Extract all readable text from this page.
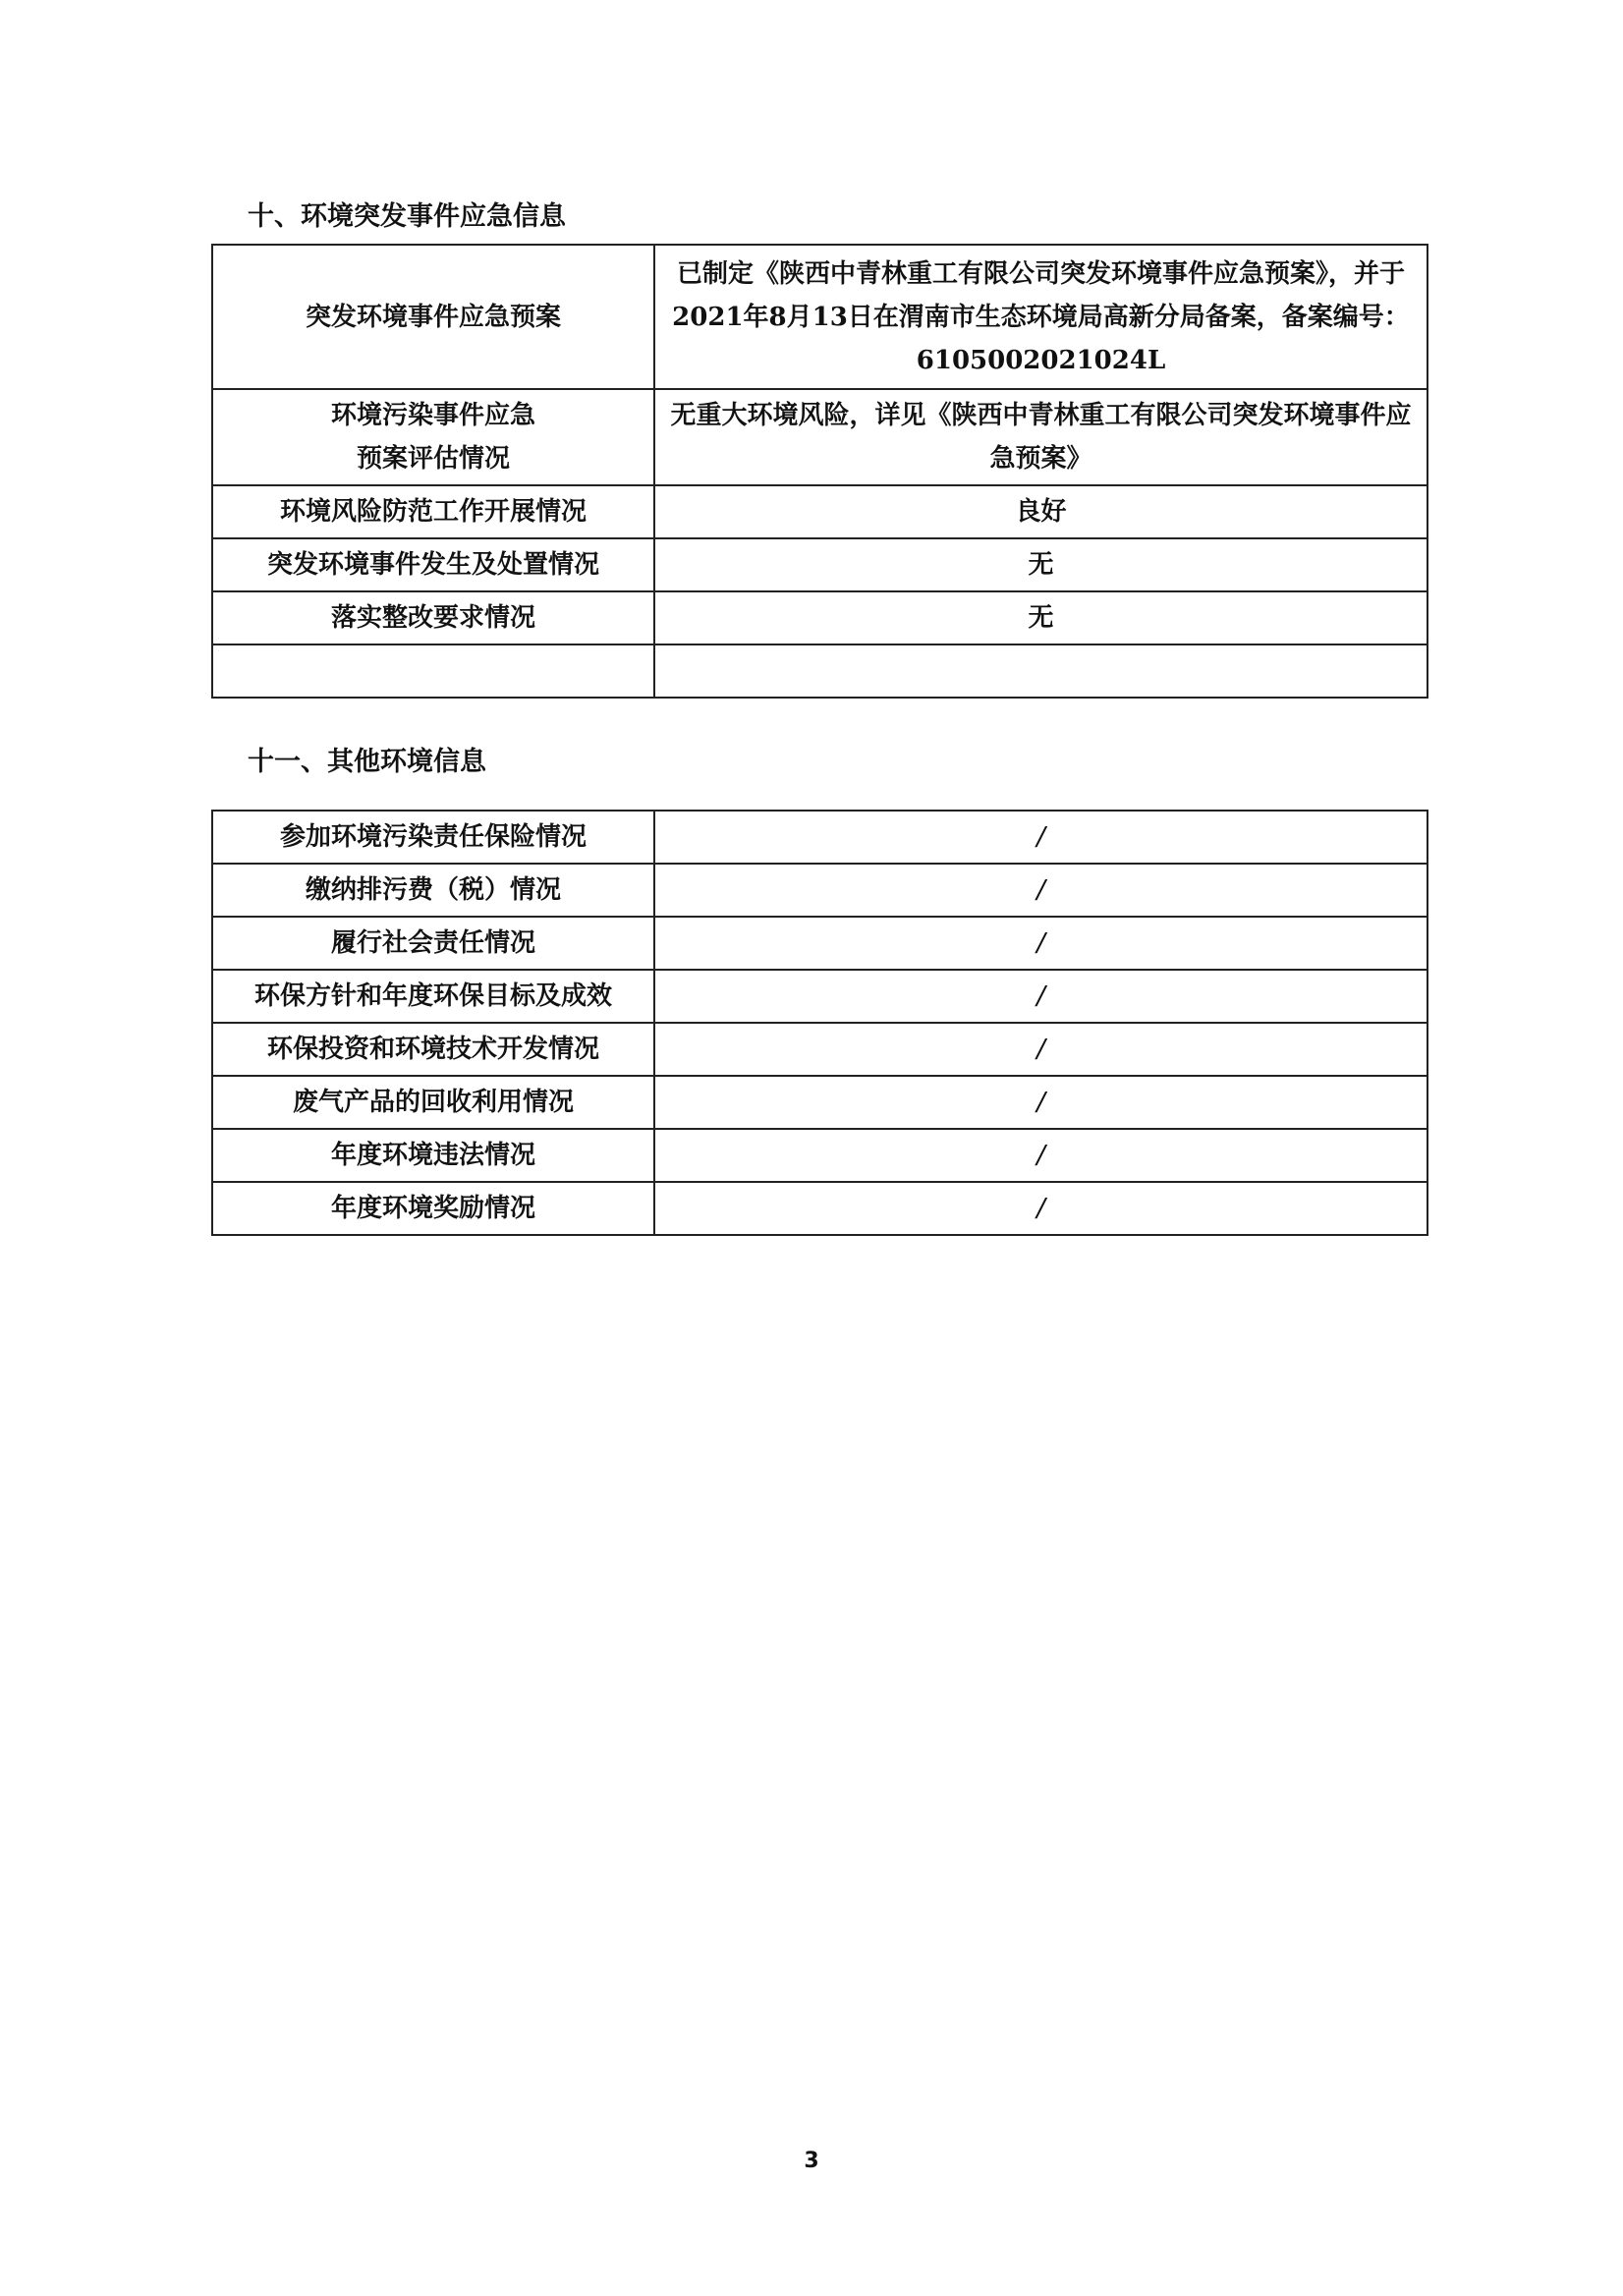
十、环境突发事件应急信息
突发环境事件应急预案	已制定《陕西中青林重工有限公司突发环境事件应急预案》，并于2021年8月13日在渭南市生态环境局高新分局备案，备案编号：6105002021024L
环境污染事件应急预案评估情况	无重大环境风险，详见《陕西中青林重工有限公司突发环境事件应急预案》
环境风险防范工作开展情况	良好
突发环境事件发生及处置情况	无
落实整改要求情况	无

十一、其他环境信息
参加环境污染责任保险情况	/
缴纳排污费（税）情况	/
履行社会责任情况	/
环保方针和年度环保目标及成效	/
环保投资和环境技术开发情况	/
废气产品的回收利用情况	/
年度环境违法情况	/
年度环境奖励情况	/
3
